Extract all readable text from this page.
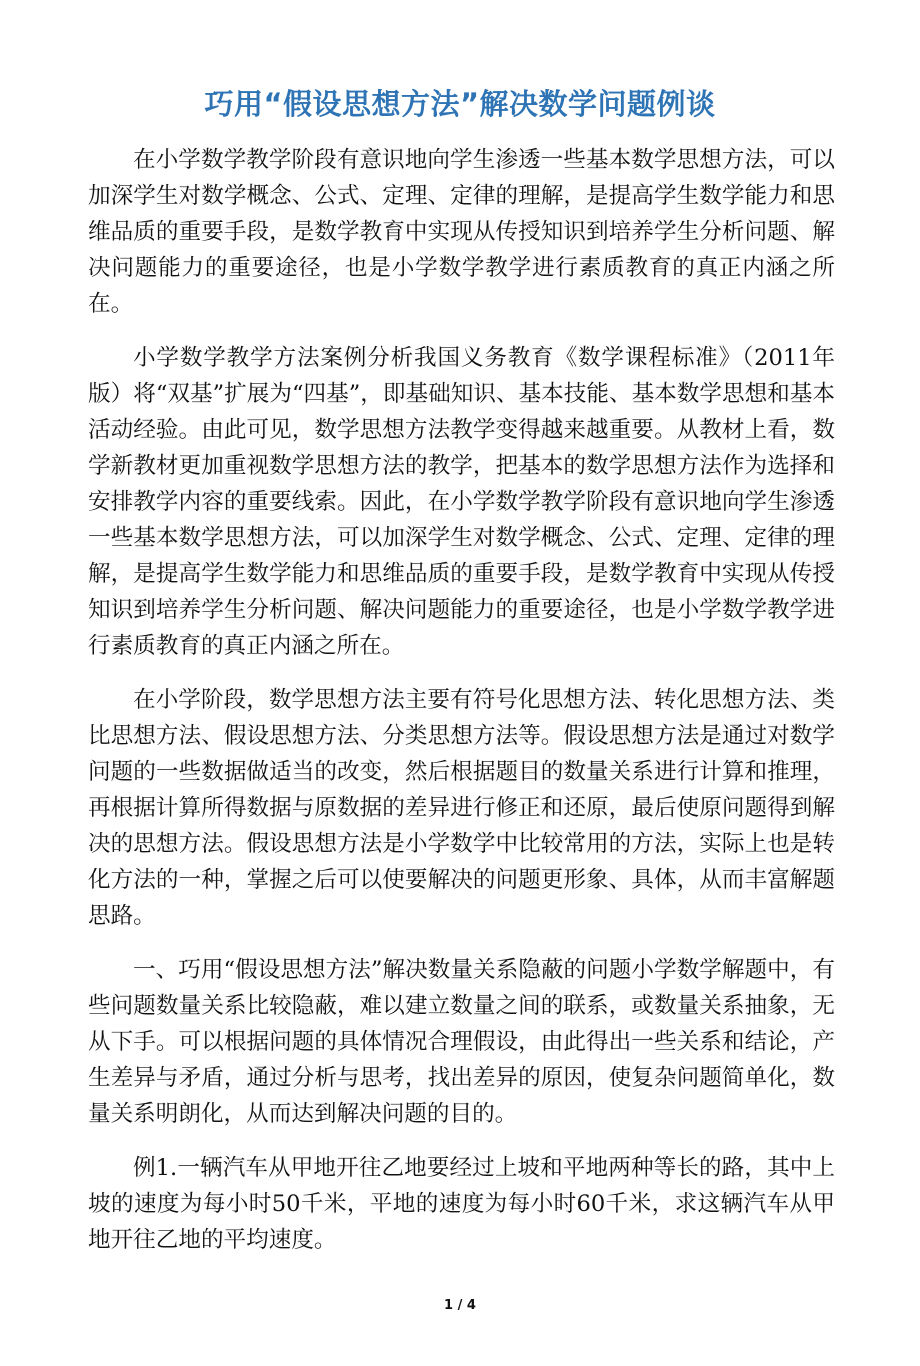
巧用“假设思想方法”解决数学问题例谈

在小学数学教学阶段有意识地向学生渗透一些基本数学思想方法，可以加深学生对数学概念、公式、定理、定律的理解，是提高学生数学能力和思维品质的重要手段，是数学教育中实现从传授知识到培养学生分析问题、解决问题能力的重要途径，也是小学数学教学进行素质教育的真正内涵之所在。

小学数学教学方法案例分析我国义务教育《数学课程标准》（2011年版）将“双基”扩展为“四基”，即基础知识、基本技能、基本数学思想和基本活动经验。由此可见，数学思想方法教学变得越来越重要。从教材上看，数学新教材更加重视数学思想方法的教学，把基本的数学思想方法作为选择和安排教学内容的重要线索。因此，在小学数学教学阶段有意识地向学生渗透一些基本数学思想方法，可以加深学生对数学概念、公式、定理、定律的理解，是提高学生数学能力和思维品质的重要手段，是数学教育中实现从传授知识到培养学生分析问题、解决问题能力的重要途径，也是小学数学教学进行素质教育的真正内涵之所在。

在小学阶段，数学思想方法主要有符号化思想方法、转化思想方法、类比思想方法、假设思想方法、分类思想方法等。假设思想方法是通过对数学问题的一些数据做适当的改变，然后根据题目的数量关系进行计算和推理，再根据计算所得数据与原数据的差异进行修正和还原，最后使原问题得到解决的思想方法。假设思想方法是小学数学中比较常用的方法，实际上也是转化方法的一种，掌握之后可以使要解决的问题更形象、具体，从而丰富解题思路。

一、巧用“假设思想方法”解决数量关系隐蔽的问题小学数学解题中，有些问题数量关系比较隐蔽，难以建立数量之间的联系，或数量关系抽象，无从下手。可以根据问题的具体情况合理假设，由此得出一些关系和结论，产生差异与矛盾，通过分析与思考，找出差异的原因，使复杂问题简单化，数量关系明朗化，从而达到解决问题的目的。

例1.一辆汽车从甲地开往乙地要经过上坡和平地两种等长的路，其中上坡的速度为每小时50千米，平地的速度为每小时60千米，求这辆汽车从甲地开往乙地的平均速度。

1 / 4
